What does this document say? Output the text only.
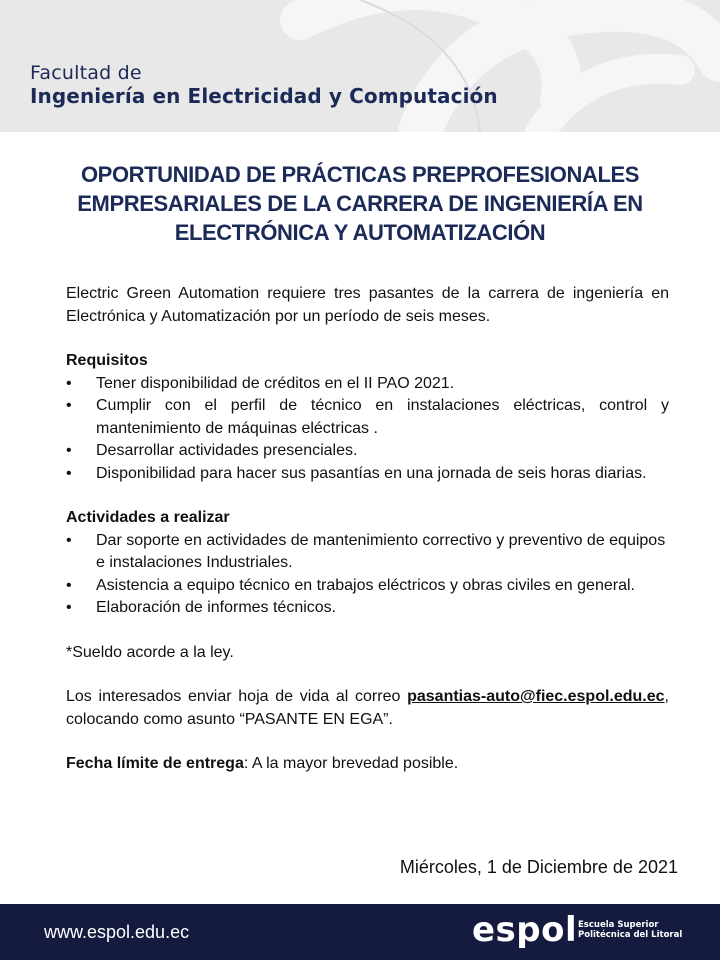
Facultad de
Ingeniería en Electricidad y Computación
OPORTUNIDAD DE PRÁCTICAS PREPROFESIONALES
EMPRESARIALES DE LA CARRERA DE INGENIERÍA EN
ELECTRÓNICA Y AUTOMATIZACIÓN

Electric Green Automation requiere tres pasantes de la carrera de ingeniería en Electrónica y Automatización por un período de seis meses.

Requisitos

•	Tener disponibilidad de créditos en el II PAO 2021.
•	Cumplir con el perfil de técnico en instalaciones eléctricas, control y mantenimiento de máquinas eléctricas .
•	Desarrollar actividades presenciales.
•	Disponibilidad para hacer sus pasantías en una jornada de seis horas diarias.

Actividades a realizar

•	Dar soporte en actividades de mantenimiento correctivo y preventivo de equipos e instalaciones Industriales.
•	Asistencia a equipo técnico en trabajos eléctricos y obras civiles en general.
•	Elaboración de informes técnicos.

*Sueldo acorde a la ley.

Los interesados enviar hoja de vida al correo pasantias-auto@fiec.espol.edu.ec, colocando como asunto “PASANTE EN EGA”.

Fecha límite de entrega: A la mayor brevedad posible.

Miércoles, 1 de Diciembre de 2021
www.espol.edu.ec	espol Escuela Superior
Politécnica del Litoral
